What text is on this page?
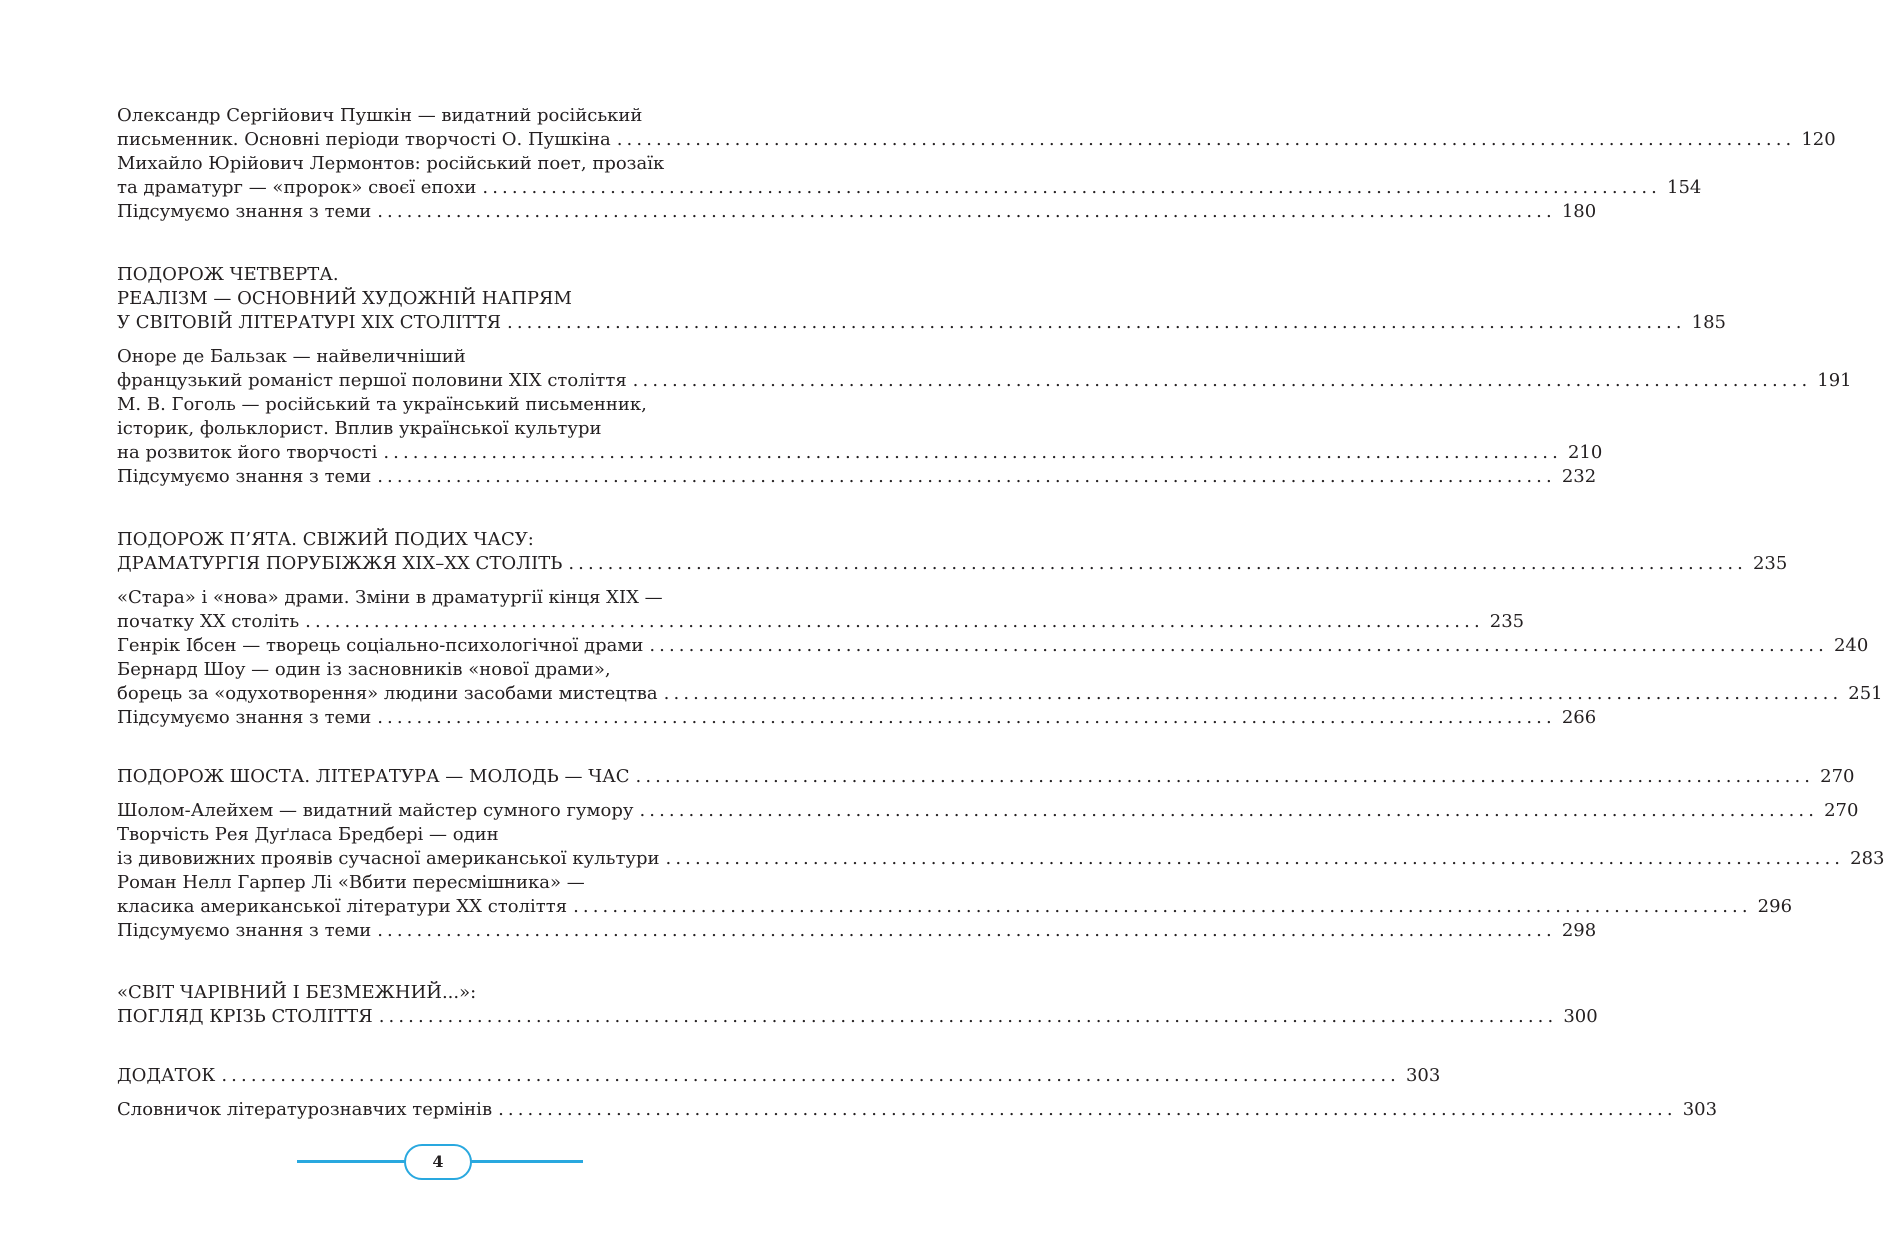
Олександр Сергійович Пушкін — видатний російський
письменник. Основні періоди творчості О. Пушкіна ........................................................................................................................ 120
Михайло Юрійович Лермонтов: російський поет, прозаїк
та драматург — «пророк» своєї епохи ........................................................................................................................ 154
Підсумуємо знання з теми ........................................................................................................................ 180
ПОДОРОЖ ЧЕТВЕРТА.
РЕАЛІЗМ — ОСНОВНИЙ ХУДОЖНІЙ НАПРЯМ
У СВІТОВІЙ ЛІТЕРАТУРІ XIX СТОЛІТТЯ ........................................................................................................................ 185
Оноре де Бальзак — найвеличніший
французький романіст першої половини XIX століття ........................................................................................................................ 191
М. В. Гоголь — російський та український письменник,
історик, фольклорист. Вплив української культури
на розвиток його творчості ........................................................................................................................ 210
Підсумуємо знання з теми ........................................................................................................................ 232
ПОДОРОЖ П’ЯТА. СВІЖИЙ ПОДИХ ЧАСУ:
ДРАМАТУРГІЯ ПОРУБІЖЖЯ XIX–XX СТОЛІТЬ ........................................................................................................................ 235
«Стара» і «нова» драми. Зміни в драматургії кінця XIX —
початку XX століть ........................................................................................................................ 235
Генрік Ібсен — творець соціально-психологічної драми ........................................................................................................................ 240
Бернард Шоу — один із засновників «нової драми»,
борець за «одухотворення» людини засобами мистецтва ........................................................................................................................ 251
Підсумуємо знання з теми ........................................................................................................................ 266
ПОДОРОЖ ШОСТА. ЛІТЕРАТУРА — МОЛОДЬ — ЧАС ........................................................................................................................ 270
Шолом-Алейхем — видатний майстер сумного гумору ........................................................................................................................ 270
Творчість Рея Дуґласа Бредбері — один
із дивовижних проявів сучасної американської культури ........................................................................................................................ 283
Роман Нелл Гарпер Лі «Вбити пересмішника» —
класика американської літератури XX століття ........................................................................................................................ 296
Підсумуємо знання з теми ........................................................................................................................ 298
«СВІТ ЧАРІВНИЙ І БЕЗМЕЖНИЙ...»:
ПОГЛЯД КРІЗЬ СТОЛІТТЯ ........................................................................................................................ 300
ДОДАТОК ........................................................................................................................ 303
Словничок літературознавчих термінів ........................................................................................................................ 303
4
